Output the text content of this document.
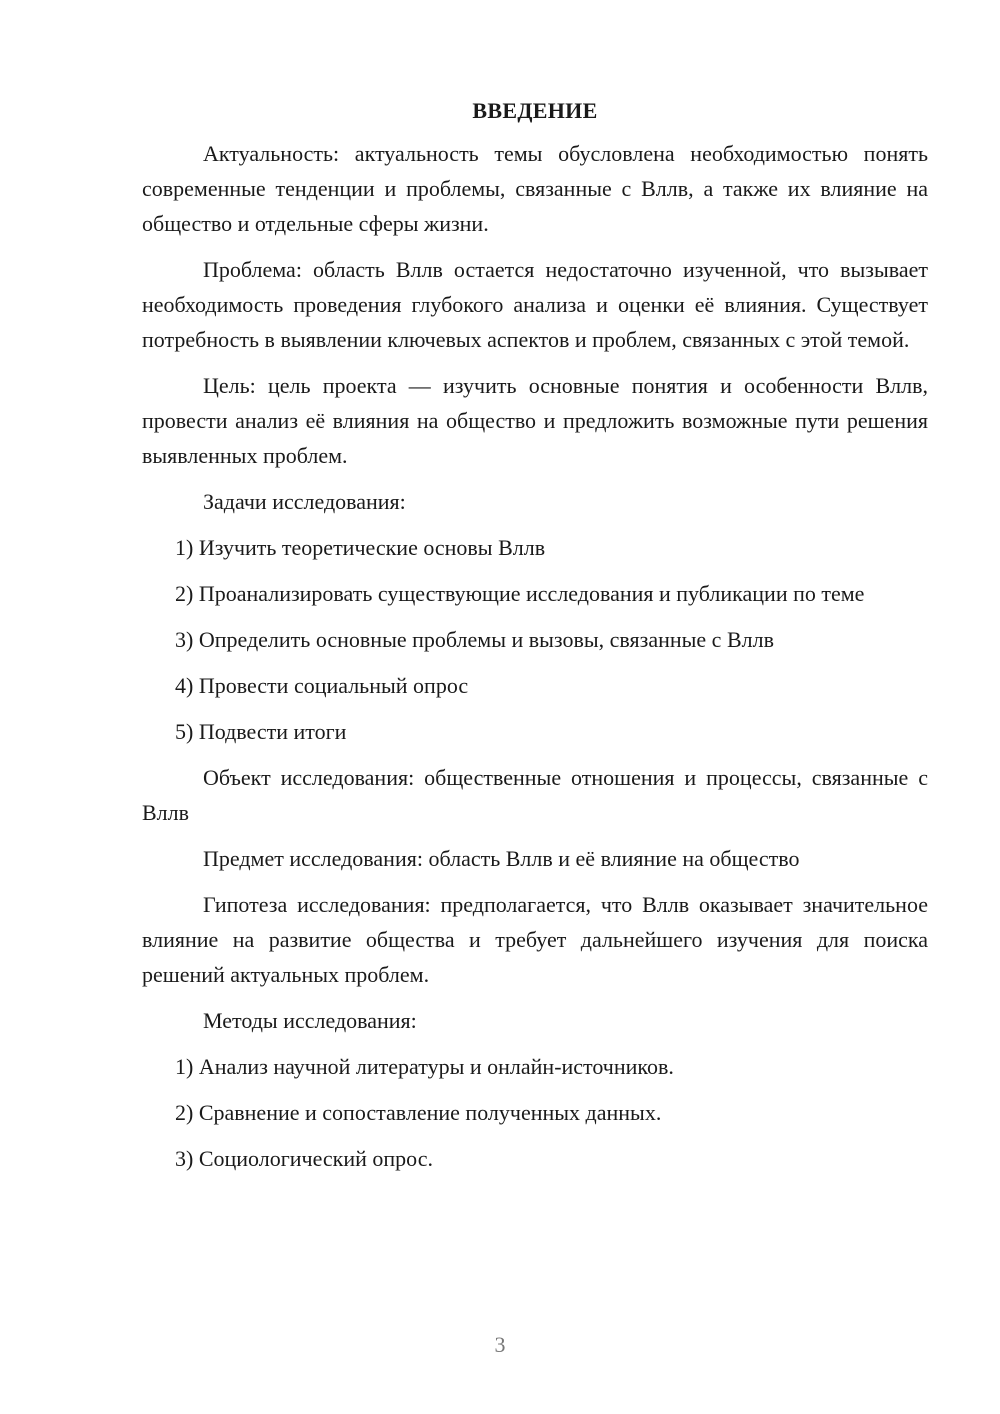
ВВЕДЕНИЕ

Актуальность: актуальность темы обусловлена необходимостью понять современные тенденции и проблемы, связанные с Вллв, а также их влияние на общество и отдельные сферы жизни.

Проблема: область Вллв остается недостаточно изученной, что вызывает необходимость проведения глубокого анализа и оценки её влияния. Существует потребность в выявлении ключевых аспектов и проблем, связанных с этой темой.

Цель: цель проекта — изучить основные понятия и особенности Вллв, провести анализ её влияния на общество и предложить возможные пути решения выявленных проблем.

Задачи исследования:

1) Изучить теоретические основы Вллв

2) Проанализировать существующие исследования и публикации по теме

3) Определить основные проблемы и вызовы, связанные с Вллв

4) Провести социальный опрос

5) Подвести итоги

Объект исследования: общественные отношения и процессы, связанные с Вллв

Предмет исследования: область Вллв и её влияние на общество

Гипотеза исследования: предполагается, что Вллв оказывает значительное влияние на развитие общества и требует дальнейшего изучения для поиска решений актуальных проблем.

Методы исследования:

1) Анализ научной литературы и онлайн-источников.

2) Сравнение и сопоставление полученных данных.

3) Социологический опрос.

3
